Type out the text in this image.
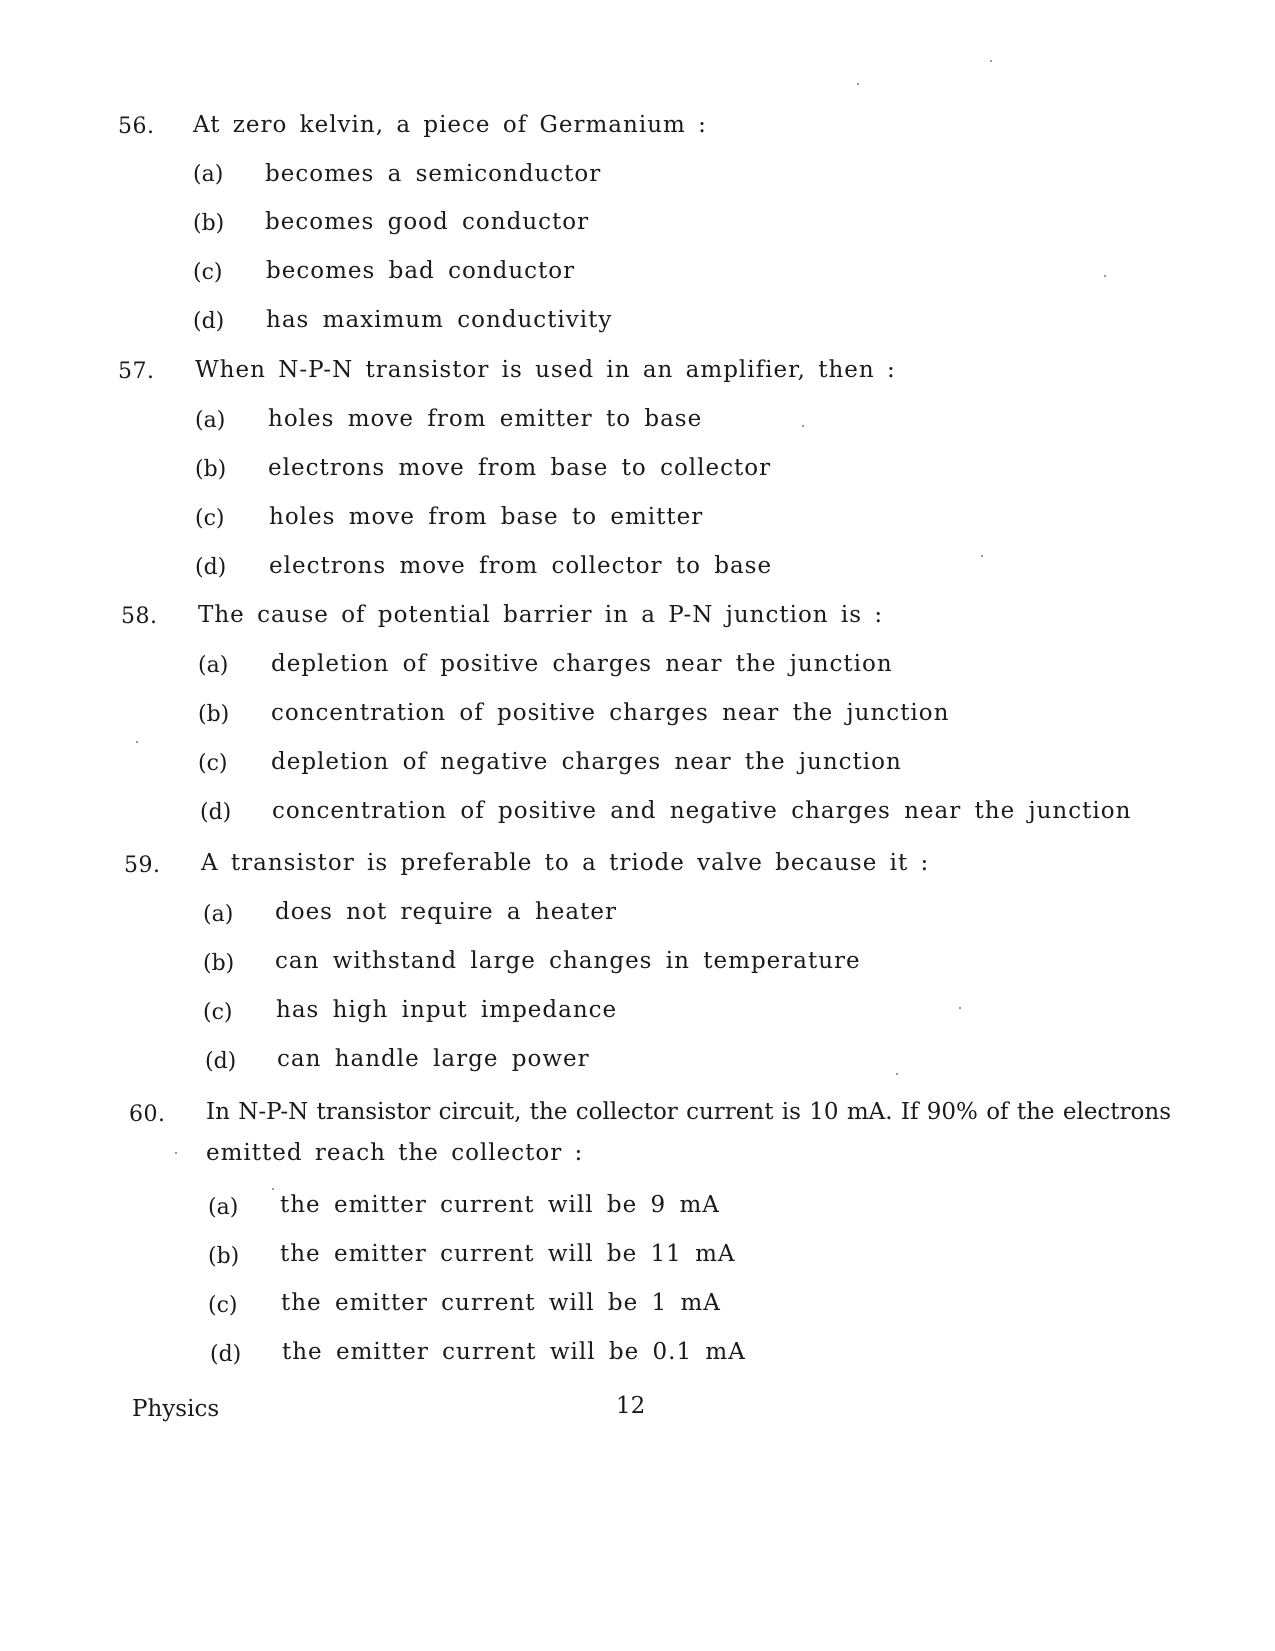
56. At zero kelvin, a piece of Germanium :
(a) becomes a semiconductor
(b) becomes good conductor
(c) becomes bad conductor
(d) has maximum conductivity
57. When N-P-N transistor is used in an amplifier, then :
(a) holes move from emitter to base
(b) electrons move from base to collector
(c) holes move from base to emitter
(d) electrons move from collector to base
58. The cause of potential barrier in a P-N junction is :
(a) depletion of positive charges near the junction
(b) concentration of positive charges near the junction
(c) depletion of negative charges near the junction
(d) concentration of positive and negative charges near the junction
59. A transistor is preferable to a triode valve because it :
(a) does not require a heater
(b) can withstand large changes in temperature
(c) has high input impedance
(d) can handle large power
60. In N-P-N transistor circuit, the collector current is 10 mA. If 90% of the electrons
emitted reach the collector :
(a) the emitter current will be 9 mA
(b) the emitter current will be 11 mA
(c) the emitter current will be 1 mA
(d) the emitter current will be 0.1 mA
Physics	12
